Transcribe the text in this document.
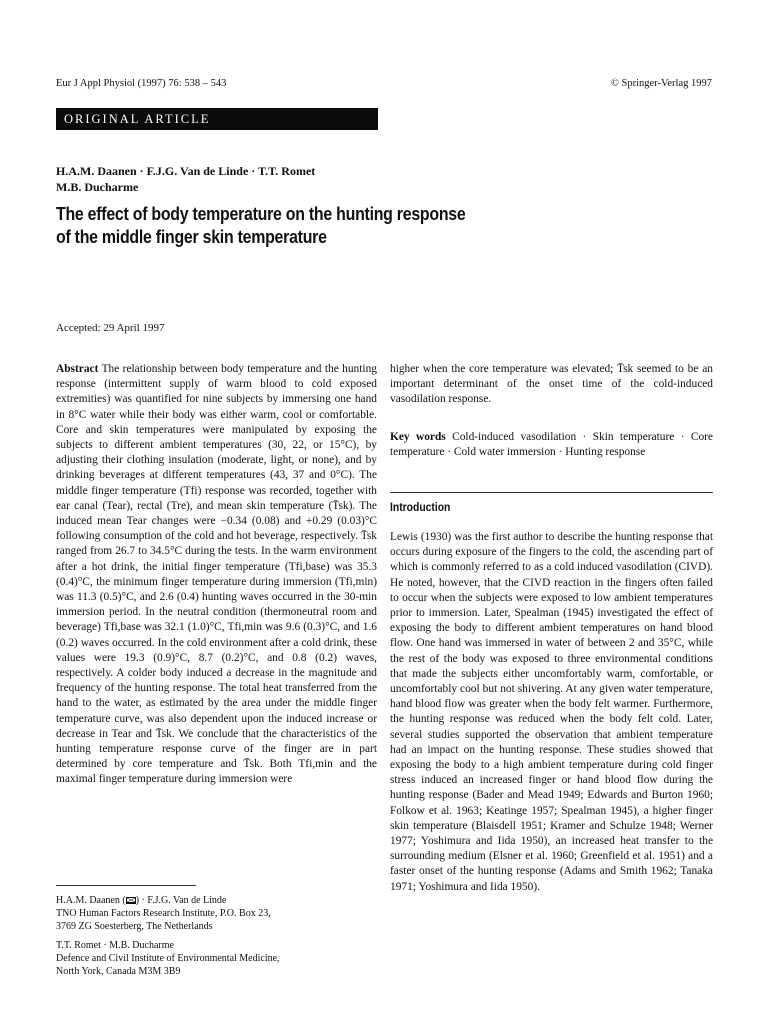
Eur J Appl Physiol (1997) 76: 538 – 543	© Springer-Verlag 1997
ORIGINAL ARTICLE
H.A.M. Daanen · F.J.G. Van de Linde · T.T. Romet
M.B. Ducharme
The effect of body temperature on the hunting response
of the middle finger skin temperature
Accepted: 29 April 1997

Abstract The relationship between body temperature and the hunting response (intermittent supply of warm blood to cold exposed extremities) was quantified for nine subjects by immersing one hand in 8°C water while their body was either warm, cool or comfortable. Core and skin temperatures were manipulated by exposing the subjects to different ambient temperatures (30, 22, or 15°C), by adjusting their clothing insulation (moderate, light, or none), and by drinking beverages at different temperatures (43, 37 and 0°C). The middle finger temperature (Tfi) response was recorded, together with ear canal (Tear), rectal (Tre), and mean skin temperature (T̄sk). The induced mean Tear changes were −0.34 (0.08) and +0.29 (0.03)°C following consumption of the cold and hot beverage, respectively. T̄sk ranged from 26.7 to 34.5°C during the tests. In the warm environment after a hot drink, the initial finger temperature (Tfi,base) was 35.3 (0.4)°C, the minimum finger temperature during immersion (Tfi,min) was 11.3 (0.5)°C, and 2.6 (0.4) hunting waves occurred in the 30-min immersion period. In the neutral condition (thermoneutral room and beverage) Tfi,base was 32.1 (1.0)°C, Tfi,min was 9.6 (0.3)°C, and 1.6 (0.2) waves occurred. In the cold environment after a cold drink, these values were 19.3 (0.9)°C, 8.7 (0.2)°C, and 0.8 (0.2) waves, respectively. A colder body induced a decrease in the magnitude and frequency of the hunting response. The total heat transferred from the hand to the water, as estimated by the area under the middle finger temperature curve, was also dependent upon the induced increase or decrease in Tear and T̄sk. We conclude that the characteristics of the hunting temperature response curve of the finger are in part determined by core temperature and T̄sk. Both Tfi,min and the maximal finger temperature during immersion were

H.A.M. Daanen ( ) · F.J.G. Van de Linde
TNO Human Factors Research Institute, P.O. Box 23,
3769 ZG Soesterberg, The Netherlands
T.T. Romet · M.B. Ducharme
Defence and Civil Institute of Environmental Medicine,
North York, Canada M3M 3B9

higher when the core temperature was elevated; T̄sk seemed to be an important determinant of the onset time of the cold-induced vasodilation response.

Key words Cold-induced vasodilation · Skin temperature · Core temperature · Cold water immersion · Hunting response

Introduction

Lewis (1930) was the first author to describe the hunting response that occurs during exposure of the fingers to the cold, the ascending part of which is commonly referred to as a cold induced vasodilation (CIVD). He noted, however, that the CIVD reaction in the fingers often failed to occur when the subjects were exposed to low ambient temperatures prior to immersion. Later, Spealman (1945) investigated the effect of exposing the body to different ambient temperatures on hand blood flow. One hand was immersed in water of between 2 and 35°C, while the rest of the body was exposed to three environmental conditions that made the subjects either uncomfortably warm, comfortable, or uncomfortably cool but not shivering. At any given water temperature, hand blood flow was greater when the body felt warmer. Furthermore, the hunting response was reduced when the body felt cold. Later, several studies supported the observation that ambient temperature had an impact on the hunting response. These studies showed that exposing the body to a high ambient temperature during cold finger stress induced an increased finger or hand blood flow during the hunting response (Bader and Mead 1949; Edwards and Burton 1960; Folkow et al. 1963; Keatinge 1957; Spealman 1945), a higher finger skin temperature (Blaisdell 1951; Kramer and Schulze 1948; Werner 1977; Yoshimura and Iida 1950), an increased heat transfer to the surrounding medium (Elsner et al. 1960; Greenfield et al. 1951) and a faster onset of the hunting response (Adams and Smith 1962; Tanaka 1971; Yoshimura and Iida 1950).
